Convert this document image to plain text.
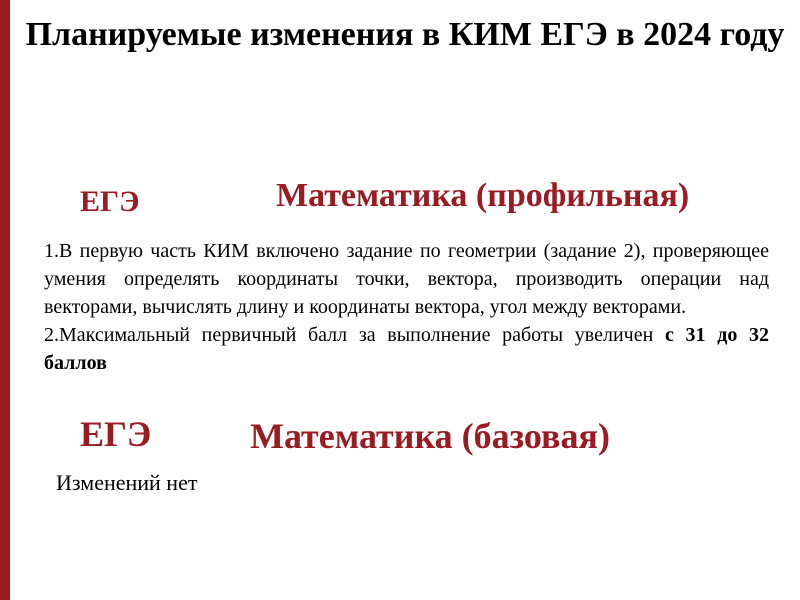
Планируемые изменения в КИМ ЕГЭ в 2024 году
ЕГЭ	Математика (профильная)

1.В первую часть КИМ включено задание по геометрии (задание 2), проверяющее умения определять координаты точки, вектора, производить операции над векторами, вычислять длину и координаты вектора, угол между векторами.

2.Максимальный первичный балл за выполнение работы увеличен с 31 до 32 баллов

ЕГЭ	Математика (базовая)
Изменений нет
